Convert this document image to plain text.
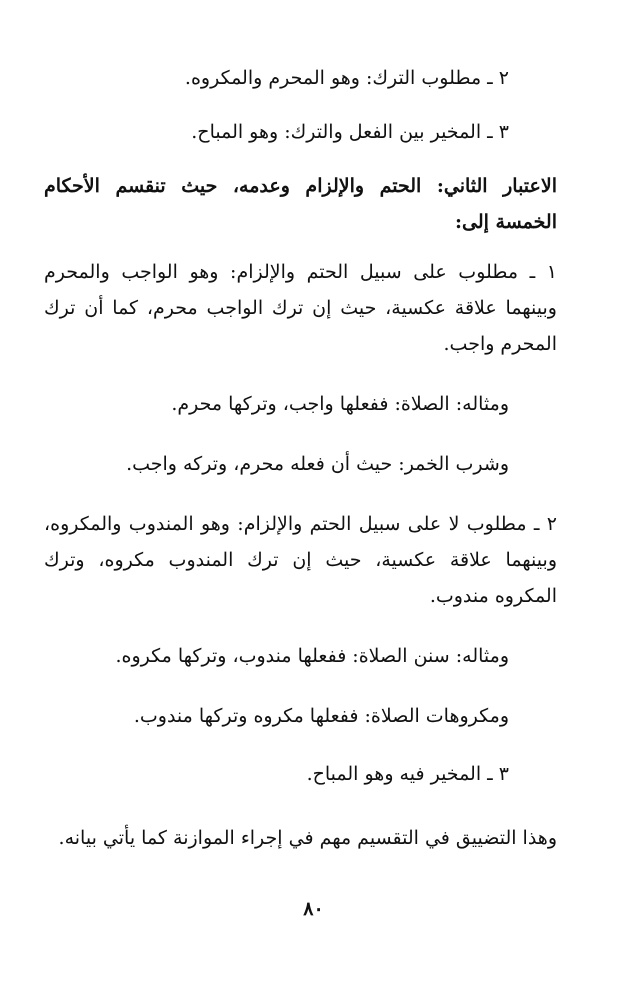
٢ ـ مطلوب الترك: وهو المحرم والمكروه.
٣ ـ المخير بين الفعل والترك: وهو المباح.
الاعتبار الثاني: الحتم والإلزام وعدمه، حيث تنقسم الأحكام الخمسة إلى:
١ ـ مطلوب على سبيل الحتم والإلزام: وهو الواجب والمحرم وبينهما علاقة عكسية، حيث إن ترك الواجب محرم، كما أن ترك المحرم واجب.
ومثاله: الصلاة: ففعلها واجب، وتركها محرم.
وشرب الخمر: حيث أن فعله محرم، وتركه واجب.
٢ ـ مطلوب لا على سبيل الحتم والإلزام: وهو المندوب والمكروه، وبينهما علاقة عكسية، حيث إن ترك المندوب مكروه، وترك المكروه مندوب.
ومثاله: سنن الصلاة: ففعلها مندوب، وتركها مكروه.
ومكروهات الصلاة: ففعلها مكروه وتركها مندوب.
٣ ـ المخير فيه وهو المباح.
وهذا التضييق في التقسيم مهم في إجراء الموازنة كما يأتي بيانه.
٨٠
